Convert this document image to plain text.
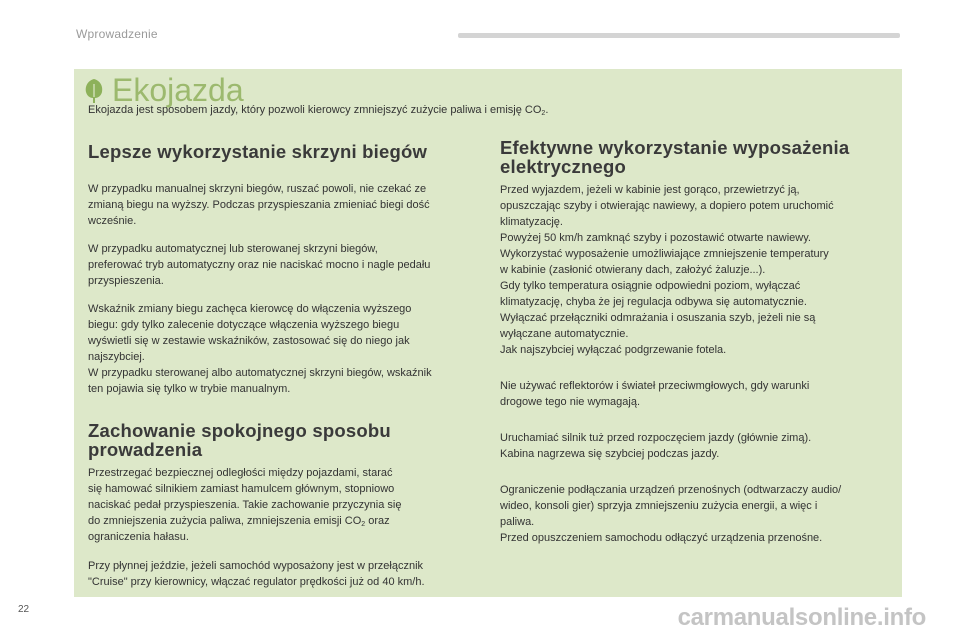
Wprowadzenie
Ekojazda
Ekojazda jest sposobem jazdy, który pozwoli kierowcy zmniejszyć zużycie paliwa i emisję $CO_2$.
Lepsze wykorzystanie skrzyni biegów

W przypadku manualnej skrzyni biegów, ruszać powoli, nie czekać ze
zmianą biegu na wyższy. Podczas przyspieszania zmieniać biegi dość
wcześnie.

W przypadku automatycznej lub sterowanej skrzyni biegów,
preferować tryb automatyczny oraz nie naciskać mocno i nagle pedału
przyspieszenia.

Wskaźnik zmiany biegu zachęca kierowcę do włączenia wyższego
biegu: gdy tylko zalecenie dotyczące włączenia wyższego biegu
wyświetli się w zestawie wskaźników, zastosować się do niego jak
najszybciej.
W przypadku sterowanej albo automatycznej skrzyni biegów, wskaźnik
ten pojawia się tylko w trybie manualnym.

Zachowanie spokojnego sposobu
prowadzenia

Przestrzegać bezpiecznej odległości między pojazdami, starać
się hamować silnikiem zamiast hamulcem głównym, stopniowo
naciskać pedał przyspieszenia. Takie zachowanie przyczynia się
do zmniejszenia zużycia paliwa, zmniejszenia emisji $CO_2$ oraz
ograniczenia hałasu.

Przy płynnej jeździe, jeżeli samochód wyposażony jest w przełącznik
"Cruise" przy kierownicy, włączać regulator prędkości już od 40 km/h.

Efektywne wykorzystanie wyposażenia
elektrycznego

Przed wyjazdem, jeżeli w kabinie jest gorąco, przewietrzyć ją,
opuszczając szyby i otwierając nawiewy, a dopiero potem uruchomić
klimatyzację.
Powyżej 50 km/h zamknąć szyby i pozostawić otwarte nawiewy.
Wykorzystać wyposażenie umożliwiające zmniejszenie temperatury
w kabinie (zasłonić otwierany dach, założyć żaluzje...).
Gdy tylko temperatura osiągnie odpowiedni poziom, wyłączać
klimatyzację, chyba że jej regulacja odbywa się automatycznie.
Wyłączać przełączniki odmrażania i osuszania szyb, jeżeli nie są
wyłączane automatycznie.
Jak najszybciej wyłączać podgrzewanie fotela.

Nie używać reflektorów i świateł przeciwmgłowych, gdy warunki
drogowe tego nie wymagają.

Uruchamiać silnik tuż przed rozpoczęciem jazdy (głównie zimą).
Kabina nagrzewa się szybciej podczas jazdy.

Ograniczenie podłączania urządzeń przenośnych (odtwarzaczy audio/
wideo, konsoli gier) sprzyja zmniejszeniu zużycia energii, a więc i
paliwa.
Przed opuszczeniem samochodu odłączyć urządzenia przenośne.

22	carmanualsonline.info
